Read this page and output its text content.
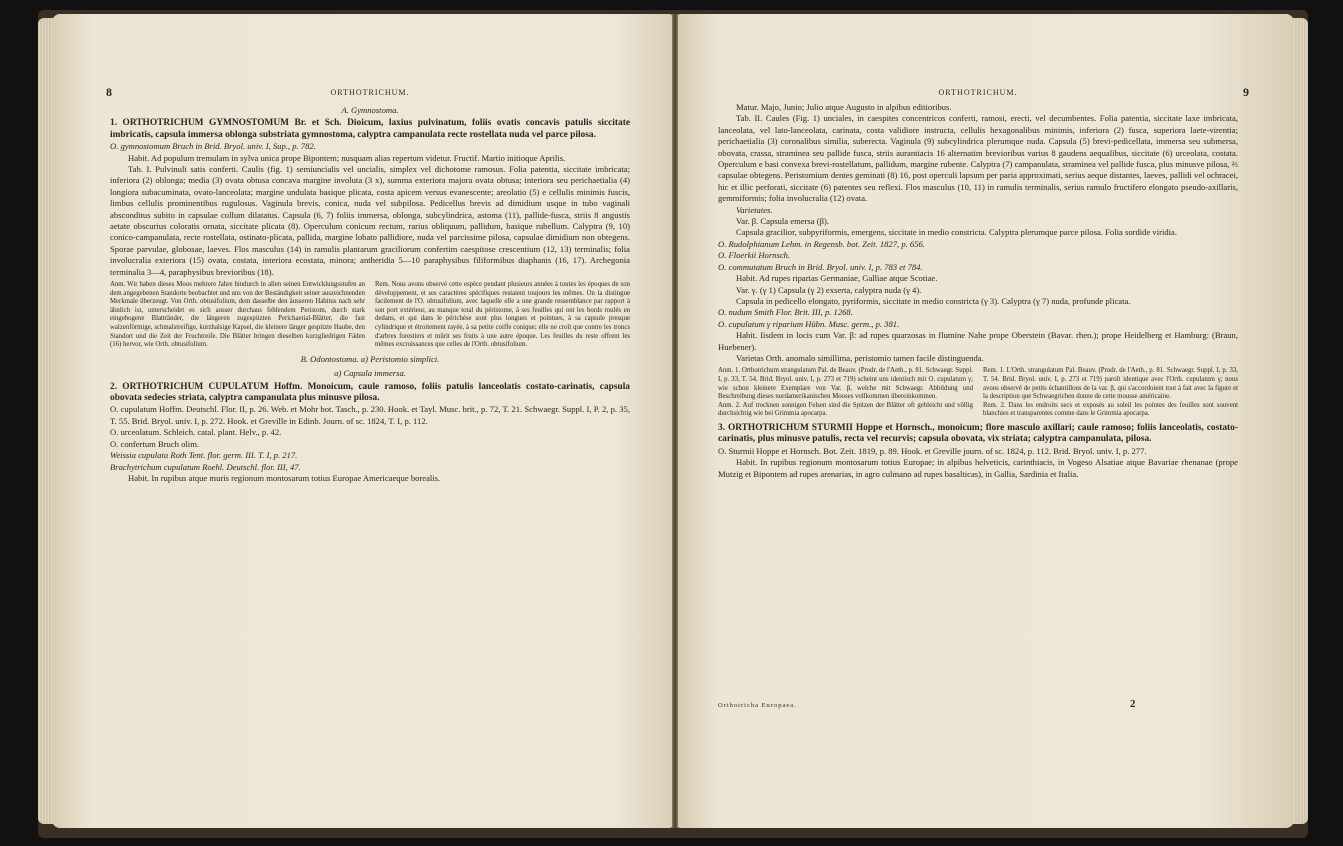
8	ORTHOTRICHUM.

A. Gymnostoma.

1. ORTHOTRICHUM GYMNOSTOMUM Br. et Sch. Dioicum, laxius pulvinatum, foliis ovatis concavis patulis siccitate imbricatis, capsula immersa oblonga substriata gymnostoma, calyptra campanulata recte rostellata nuda vel parce pilosa.

O. gymnostomum Bruch in Brid. Bryol. univ. I, Sup., p. 782.

Habit. Ad populum tremulam in sylva unica prope Bipontem; nusquam alias repertum videtur. Fructif. Martio initioque Aprilis.

Tab. I. Pulvinuli satis conferti. Caulis (fig. 1) semiuncialis vel uncialis, simplex vel dichotome ramosus. Folia patentia, siccitate imbricata; inferiora (2) oblonga; media (3) ovata obtusa concava margine involuta (3 x), summa exteriora majora ovata obtusa; interiora seu perichaetialia (4) longiora subacuminata, ovato-lanceolata; margine undulata basique plicata, costa apicem versus evanescente; areolatio (5) e cellulis minimis fuscis, limbus cellulis prominentibus rugulosus. Vaginula brevis, conica, nuda vel subpilosa. Pedicellus brevis ad dimidium usque in tubo vaginali absconditus subito in capsulae collum dilatatus. Capsula (6, 7) foliis immersa, oblonga, subcylindrica, astoma (11), pallide-fusca, striis 8 angustis aetate obscurius coloratis ornata, siccitate plicata (8). Operculum conicum rectum, rarius obliquum, pallidum, basique rubellum. Calyptra (9, 10) conico-campanulata, recte rostellata, ostinato-plicata, pallida, margine lobato pallidiore, nuda vel parcissime pilosa, capsulae dimidium non obtegens. Sporae parvulae, globosae, laeves. Flos masculus (14) in ramulis plantarum graciliorum confertim caespitose crescentium (12, 13) terminalis; folia involucralia exteriora (15) ovata, costata, interiora ecostata, minora; antheridia 5—10 paraphysibus filiformibus diaphanis (16, 17). Archegonia terminalia 3—4, paraphysibus brevioribus (18).

Anm. Wir haben dieses Moos mehrere Jahre hindurch in allen seinen Entwicklungsstufen an dem angegebenen Standorte beobachtet und uns von der Beständigkeit seiner auszeichnenden Merkmale überzeugt. Von Orth. obtusifolium, dem dasselbe den äusseren Habitus nach sehr ähnlich ist, unterscheidet es sich ausser durchaus fehlendem Peristom, durch stark eingebogene Blattränder, die längeren zugespitzten Perichaetial-Blätter, die fast walzenförmige, schmalstreifige, kurzhalsige Kapsel, die kleinere länger gespitzte Haube, den Standort und die Zeit der Fruchtreife. Die Blätter bringen dieselben kurzgliedrigen Fäden (16) hervor, wie Orth. obtusifolium.
Rem. Nous avons observé cette espèce pendant plusieurs années à toutes les époques de son développement, et ses caractères spécifiques restaient toujours les mêmes. On la distingue facilement de l'O. obtusifolium, avec laquelle elle a une grande ressemblance par rapport à son port extérieur, au manque total du péristome, à ses feuilles qui ont les bords roulés en dedans, et qui dans le périchèse sont plus longues et pointues, à sa capsule presque cylindrique et étroitement rayée, à sa petite coiffe conique; elle ne croît que contre les troncs d'arbres forestiers et mûrit ses fruits à une autre époque. Les feuilles du reste offrent les mêmes excroissances que celles de l'Orth. obtusifolium.

B. Odontostoma. a) Peristomio simplici.

a) Capsula immersa.

2. ORTHOTRICHUM CUPULATUM Hoffm. Monoicum, caule ramoso, foliis patulis lanceolatis costato-carinatis, capsula obovata sedecies striata, calyptra campanulata plus minusve pilosa.

O. cupulatum Hoffm. Deutschl. Flor. II, p. 26. Web. et Mohr bot. Tasch., p. 230. Hook. et Tayl. Musc. brit., p. 72, T. 21. Schwaegr. Suppl. I, P. 2, p. 35, T. 55. Brid. Bryol. univ. I, p. 272. Hook. et Greville in Edinb. Journ. of sc. 1824, T. I, p. 112.

O. urceolatum. Schleich. catal. plant. Helv., p. 42.

O. confertum Bruch olim.

Weissia cupulata Roth Tent. flor. germ. III. T. I, p. 217.

Brachytrichum cupulatum Roehl. Deutschl. flor. III, 47.

Habit. In rupibus atque muris regionum montosarum totius Europae Americaeque borealis.

9
ORTHOTRICHUM.

Matur. Majo, Junio; Julio atque Augusto in alpibus editioribus.

Tab. II. Caules (Fig. 1) unciales, in caespites concentricos conferti, ramosi, erecti, vel decumbentes. Folia patentia, siccitate laxe imbricata, lanceolata, vel lato-lanceolata, carinata, costa validiore instructa, cellulis hexagonalibus minimis, inferiora (2) fusca, superiora laete-virentia; perichaetialia (3) coronalibus similia, suberecta. Vaginula (9) subcylindrica plerumque nuda. Capsula (5) brevi-pedicellata, immersa seu submersa, obovata, crassa, straminea seu pallide fusca, striis aurantiacis 16 alternatim brevioribus varius 8 gaudens aequalibus, siccitate (6) urceolata, costata. Operculum e basi convexa brevi-rostellatum, pallidum, margine rubente. Calyptra (7) campanulata, straminea vel pallide fusca, plus minusve pilosa, ⅔ capsulae obtegens. Peristomium dentes geminati (8) 16, post operculi lapsum per paria approximati, serius aeque distantes, laeves, pallidi vel ochracei, hic et illic perforati, siccitate (6) patentes seu reflexi. Flos masculus (10, 11) in ramulis terminalis, serius ramulo fructifero elongato pseudo-axillaris, gemmiformis; folia involucralia (12) ovata.

Varietates.

Var. β. Capsula emersa (β).

Capsula gracilior, subpyriformis, emergens, siccitate in medio constricta. Calyptra plerumque parce pilosa. Folia sordide viridia.

O. Rudolphianum Lehm. in Regensb. bot. Zeit. 1827, p. 656.

O. Floerkii Hornsch.

O. commutatum Bruch in Brid. Bryol. univ. I, p. 783 et 784.

Habit. Ad rupes riparias Germaniae, Galliae atque Scotiae.

Var. γ. (γ 1) Capsula (γ 2) exserta, calyptra nuda (γ 4).

Capsula in pedicello elongato, pyriformis, siccitate in medio constricta (γ 3). Calyptra (γ 7) nuda, profunde plicata.

O. nudum Smith Flor. Brit. III, p. 1268.

O. cupulatum γ riparium Hübn. Musc. germ., p. 381.

Habit. Iisdem in locis cum Var. β: ad rupes quarzosas in flumine Nahe prope Oberstein (Bavar. rhen.); prope Heidelberg et Hamburg: (Braun, Huebener).

Varietas Orth. anomalo simillima, peristomio tamen facile distinguenda.

Anm. 1. Orthotrichum strangulatum Pal. de Beauv. (Prodr. de l'Aeth., p. 81. Schwaegr. Suppl. I, p. 33, T. 54. Brid. Bryol. univ. I, p. 273 et 719) scheint uns identisch mit O. cupulatum γ; wie schon kleinere Exemplare von Var. β, welche mit Schwaegr. Abbildung und Beschreibung dieses nordamerikanischen Mooses vollkommen übereinkommen.

Anm. 2. Auf trocknen sonnigen Felsen sind die Spitzen der Blätter oft gebleicht und völlig durchsichtig wie bei Grimmia apocarpa.

Rem. 1. L'Orth. strangulatum Pal. Beauv. (Prodr. de l'Aeth., p. 81. Schwaegr. Suppl. I, p. 33, T. 54. Brid. Bryol. univ. I, p. 273 et 719) paroît identique avec l'Orth. cupulatum γ; nous avons observé de petits échantillons de la var. β, qui s'accordoient tout à fait avec la figure et la description que Schwaegrichen donne de cette mousse américaine.

Rem. 2. Dans les endroits secs et exposés au soleil les pointes des feuilles sont souvent blanchies et transparentes comme dans le Grimmia apocarpa.

3. ORTHOTRICHUM STURMII Hoppe et Hornsch., monoicum; flore masculo axillari; caule ramoso; foliis lanceolatis, costato-carinatis, plus minusve patulis, recta vel recurvis; capsula obovata, vix striata; calyptra campanulata, pilosa.

O. Sturmii Hoppe et Hornsch. Bot. Zeit. 1819, p. 89. Hook. et Greville journ. of sc. 1824, p. 112. Brid. Bryol. univ. I, p. 277.

Habit. In rupibus regionum montosarum totius Europae; in alpibus helveticis, carinthiacis, in Vogeso Alsatiae atque Bavariae rhenanae (prope Mutzig et Bipontem ad rupes arenarias, in agro culmano ad rupes basalticas), in Gallia, Sardinia et Italia.

Orthotricha Europaea.	2
